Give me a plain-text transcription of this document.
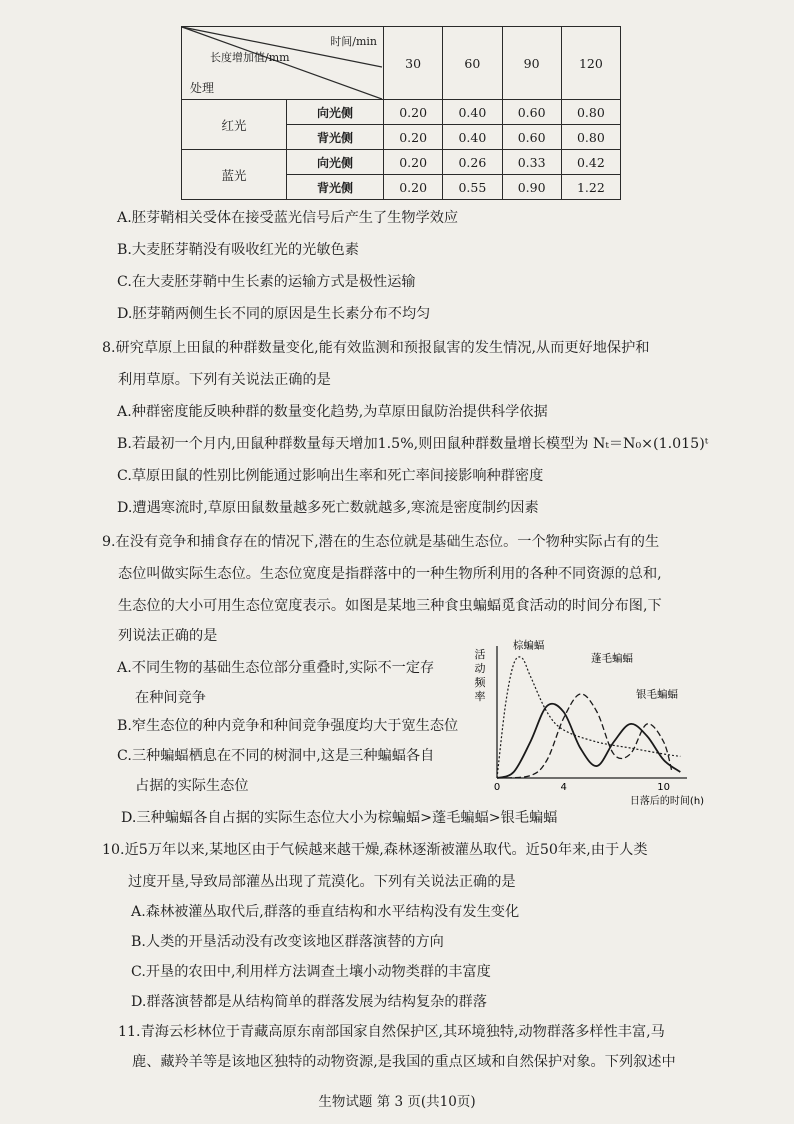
时间/min
长度增加值/mm
处理		30	60	90	120
红光	向光侧	0.20	0.40	0.60	0.80
	背光侧	0.20	0.40	0.60	0.80
蓝光	向光侧	0.20	0.26	0.33	0.42
	背光侧	0.20	0.55	0.90	1.22
A.胚芽鞘相关受体在接受蓝光信号后产生了生物学效应
B.大麦胚芽鞘没有吸收红光的光敏色素
C.在大麦胚芽鞘中生长素的运输方式是极性运输
D.胚芽鞘两侧生长不同的原因是生长素分布不均匀
8.研究草原上田鼠的种群数量变化,能有效监测和预报鼠害的发生情况,从而更好地保护和
利用草原。下列有关说法正确的是
A.种群密度能反映种群的数量变化趋势,为草原田鼠防治提供科学依据
B.若最初一个月内,田鼠种群数量每天增加1.5%,则田鼠种群数量增长模型为 Nₜ＝N₀×(1.015)ᵗ
C.草原田鼠的性别比例能通过影响出生率和死亡率间接影响种群密度
D.遭遇寒流时,草原田鼠数量越多死亡数就越多,寒流是密度制约因素
9.在没有竞争和捕食存在的情况下,潜在的生态位就是基础生态位。一个物种实际占有的生
态位叫做实际生态位。生态位宽度是指群落中的一种生物所利用的各种不同资源的总和,
生态位的大小可用生态位宽度表示。如图是某地三种食虫蝙蝠觅食活动的时间分布图,下
列说法正确的是
A.不同生物的基础生态位部分重叠时,实际不一定存
在种间竞争
B.窄生态位的种内竞争和种间竞争强度均大于宽生态位
C.三种蝙蝠栖息在不同的树洞中,这是三种蝙蝠各自
占据的实际生态位
D.三种蝙蝠各自占据的实际生态位大小为棕蝙蝠>蓬毛蝙蝠>银毛蝙蝠
活
动
频
率
0	4	10
日落后的时间(h)
棕蝙蝠
蓬毛蝙蝠
银毛蝙蝠
10.近5万年以来,某地区由于气候越来越干燥,森林逐渐被灌丛取代。近50年来,由于人类
过度开垦,导致局部灌丛出现了荒漠化。下列有关说法正确的是
A.森林被灌丛取代后,群落的垂直结构和水平结构没有发生变化
B.人类的开垦活动没有改变该地区群落演替的方向
C.开垦的农田中,利用样方法调查土壤小动物类群的丰富度
D.群落演替都是从结构简单的群落发展为结构复杂的群落
11.青海云杉林位于青藏高原东南部国家自然保护区,其环境独特,动物群落多样性丰富,马
鹿、藏羚羊等是该地区独特的动物资源,是我国的重点区域和自然保护对象。下列叙述中
生物试题 第 3 页(共10页)
